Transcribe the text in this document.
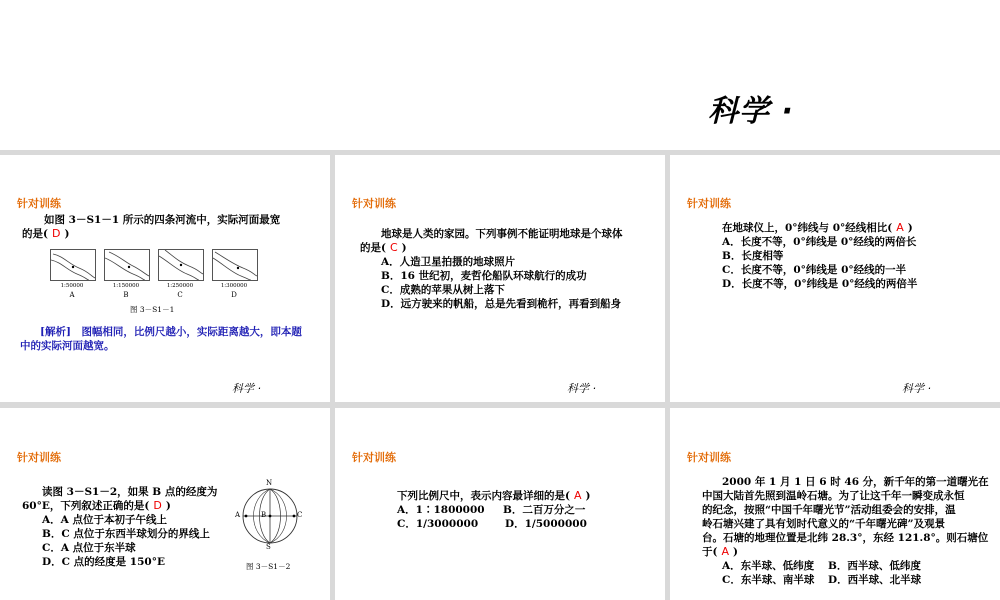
科学 ·
针对训练
如图 3－S1－1 所示的四条河流中，实际河面最宽
的是( D )
1:50000
A
1:150000
B
1:250000
C
1:300000
D
图 3－S1－1
[解析]　 图幅相同，比例尺越小，实际距离越大，即本题中的实际河面越宽。
科学 ·
针对训练
地球是人类的家园。下列事例不能证明地球是个球体
的是( C )
A．人造卫星拍摄的地球照片
B．16 世纪初，麦哲伦船队环球航行的成功
C．成熟的苹果从树上落下
D．远方驶来的帆船，总是先看到桅杆，再看到船身
科学 ·
针对训练
在地球仪上，0°纬线与 0°经线相比( A )
A．长度不等，0°纬线是 0°经线的两倍长
B．长度相等
C．长度不等，0°纬线是 0°经线的一半
D．长度不等，0°纬线是 0°经线的两倍半
科学 ·
针对训练
读图 3－S1－2，如果 B 点的经度为
60°E，下列叙述正确的是( D )
A．A 点位于本初子午线上
B．C 点位于东西半球划分的界线上
C．A 点位于东半球
D．C 点的经度是 150°E
N
S
A	B	C
图 3－S1－2
针对训练
下列比例尺中，表示内容最详细的是( A )
A．1∶1800000 B．二百万分之一
C．1/3000000	D．1/5000000
针对训练
2000 年 1 月 1 日 6 时 46 分，新千年的第一道曙光在
中国大陆首先照到温岭石塘。为了让这千年一瞬变成永恒
的纪念，按照“中国千年曙光节”活动组委会的安排，温
岭石塘兴建了具有划时代意义的“千年曙光碑”及观景
台。石塘的地理位置是北纬 28.3°，东经 121.8°。则石塘位
于( A )
A．东半球、低纬度 B．西半球、低纬度
C．东半球、南半球 D．西半球、北半球
